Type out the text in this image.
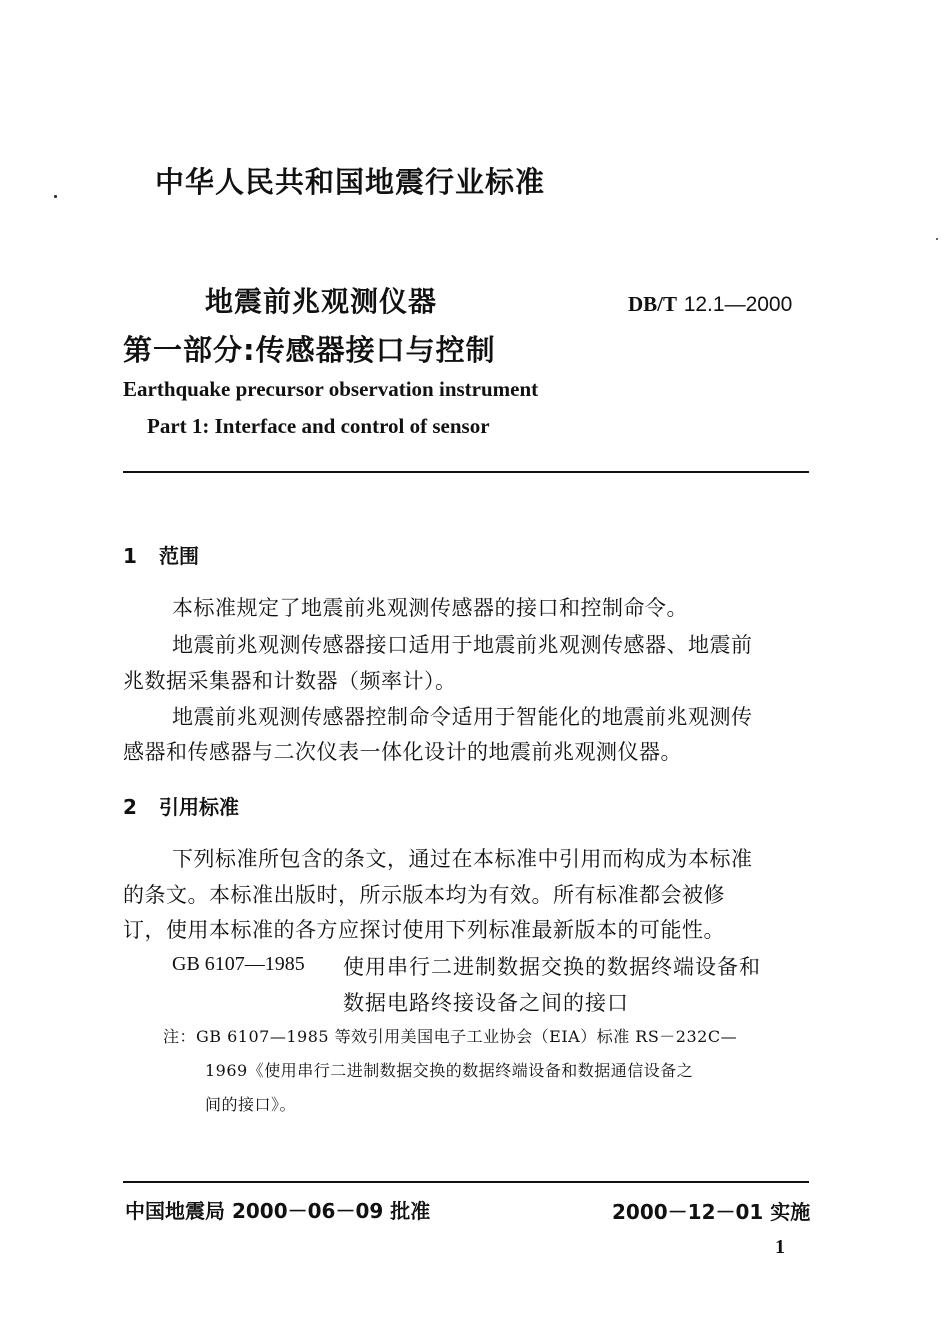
中华人民共和国地震行业标准
地震前兆观测仪器
第一部分:传感器接口与控制
DB/T 12.1—2000
Earthquake precursor observation instrument
Part 1: Interface and control of sensor
1 范围
本标准规定了地震前兆观测传感器的接口和控制命令。
地震前兆观测传感器接口适用于地震前兆观测传感器、地震前
兆数据采集器和计数器（频率计）。
地震前兆观测传感器控制命令适用于智能化的地震前兆观测传
感器和传感器与二次仪表一体化设计的地震前兆观测仪器。
2 引用标准
下列标准所包含的条文，通过在本标准中引用而构成为本标准
的条文。本标准出版时，所示版本均为有效。所有标准都会被修
订，使用本标准的各方应探讨使用下列标准最新版本的可能性。
GB 6107—1985 使用串行二进制数据交换的数据终端设备和
数据电路终接设备之间的接口
注：GB 6107—1985 等效引用美国电子工业协会（EIA）标准 RS－232C—
1969《使用串行二进制数据交换的数据终端设备和数据通信设备之
间的接口》。
中国地震局 2000－06－09 批准	2000－12－01 实施
1
